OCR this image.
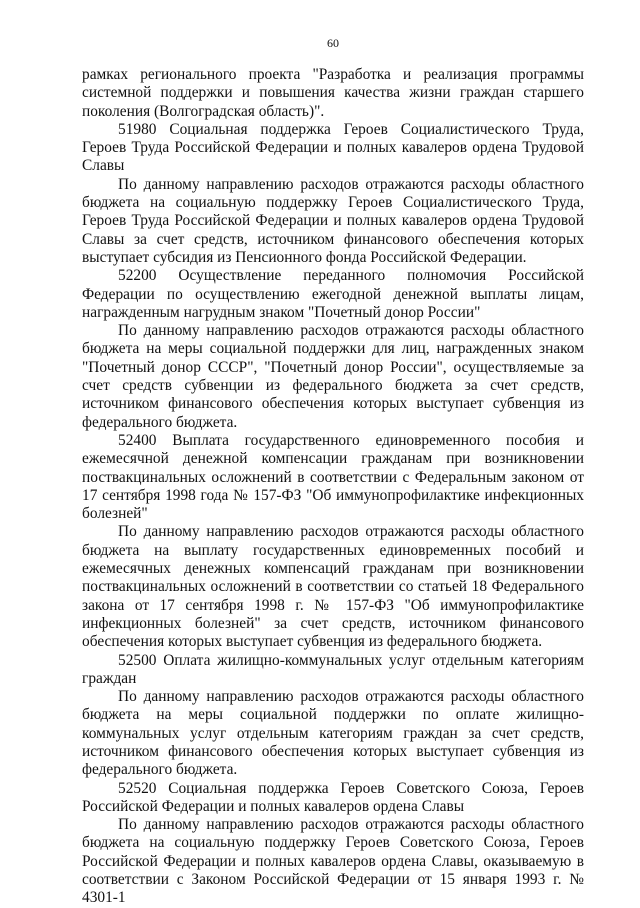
60

рамках регионального проекта "Разработка и реализация программы системной поддержки и повышения качества жизни граждан старшего поколения (Волгоградская область)".

51980 Социальная поддержка Героев Социалистического Труда, Героев Труда Российской Федерации и полных кавалеров ордена Трудовой Славы

По данному направлению расходов отражаются расходы областного бюджета на социальную поддержку Героев Социалистического Труда, Героев Труда Российской Федерации и полных кавалеров ордена Трудовой Славы за счет средств, источником финансового обеспечения которых выступает субсидия из Пенсионного фонда Российской Федерации.

52200 Осуществление переданного полномочия Российской Федерации по осуществлению ежегодной денежной выплаты лицам, награжденным нагрудным знаком "Почетный донор России"

По данному направлению расходов отражаются расходы областного бюджета на меры социальной поддержки для лиц, награжденных знаком "Почетный донор СССР", "Почетный донор России", осуществляемые за счет средств субвенции из федерального бюджета за счет средств, источником финансового обеспечения которых выступает субвенция из федерального бюджета.

52400 Выплата государственного единовременного пособия и ежемесячной денежной компенсации гражданам при возникновении поствакцинальных осложнений в соответствии с Федеральным законом от 17 сентября 1998 года № 157-ФЗ "Об иммунопрофилактике инфекционных болезней"

По данному направлению расходов отражаются расходы областного бюджета на выплату государственных единовременных пособий и ежемесячных денежных компенсаций гражданам при возникновении поствакцинальных осложнений в соответствии со статьей 18 Федерального закона от 17 сентября 1998 г. № 157-ФЗ "Об иммунопрофилактике инфекционных болезней" за счет средств, источником финансового обеспечения которых выступает субвенция из федерального бюджета.

52500 Оплата жилищно-коммунальных услуг отдельным категориям граждан

По данному направлению расходов отражаются расходы областного бюджета на меры социальной поддержки по оплате жилищно-коммунальных услуг отдельным категориям граждан за счет средств, источником финансового обеспечения которых выступает субвенция из федерального бюджета.

52520 Социальная поддержка Героев Советского Союза, Героев Российской Федерации и полных кавалеров ордена Славы

По данному направлению расходов отражаются расходы областного бюджета на социальную поддержку Героев Советского Союза, Героев Российской Федерации и полных кавалеров ордена Славы, оказываемую в соответствии с Законом Российской Федерации от 15 января 1993 г. № 4301-1
